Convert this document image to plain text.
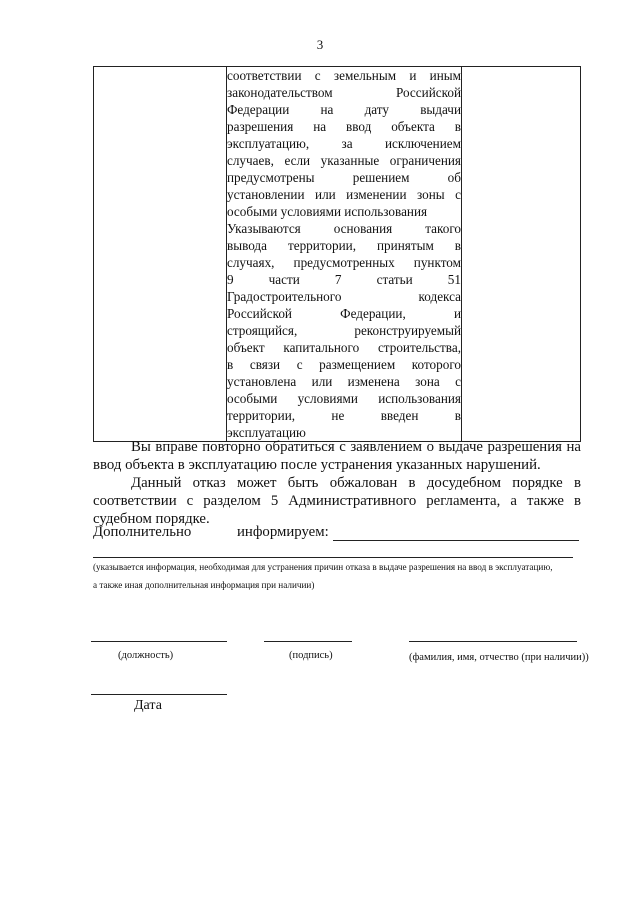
3

соответствии с земельным и иным
законодательством Российской
Федерации на дату выдачи
разрешения на ввод объекта в
эксплуатацию, за исключением
случаев, если указанные ограничения
предусмотрены решением об
установлении или изменении зоны с
особыми условиями использования
Указываются основания такого
вывода территории, принятым в
случаях, предусмотренных пунктом
9 части 7 статьи 51
Градостроительного кодекса
Российской Федерации, и
строящийся, реконструируемый
объект капитального строительства,
в связи с размещением которого
установлена или изменена зона с
особыми условиями использования
территории, не введен в
эксплуатацию

Вы вправе повторно обратиться с заявлением о выдаче разрешения на
ввод объекта в эксплуатацию после устранения указанных нарушений.
Данный отказ может быть обжалован в досудебном порядке в
соответствии с разделом 5 Административного регламента, а также в
судебном порядке.
Дополнительно	информируем:
(указывается информация, необходимая для устранения причин отказа в выдаче разрешения на ввод в эксплуатацию,
а также иная дополнительная информация при наличии)
(должность)	(подпись)	(фамилия, имя, отчество (при наличии))
Дата
